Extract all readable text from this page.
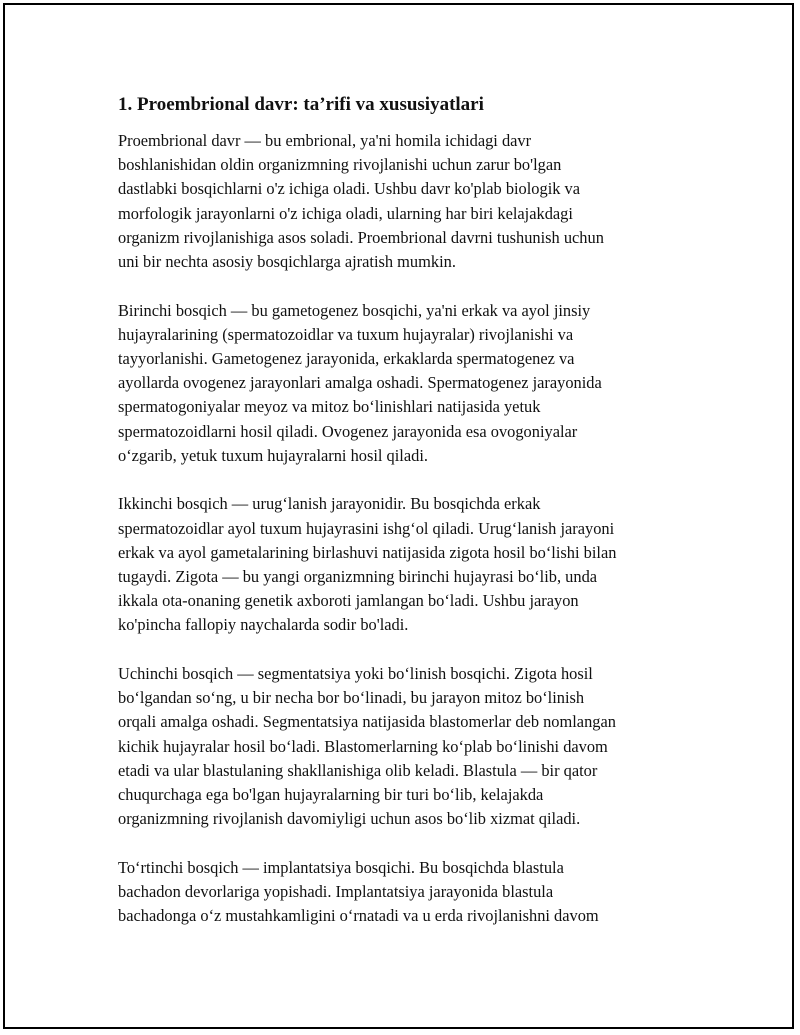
1. Proembrional davr: ta’rifi va xususiyatlari
Proembrional davr — bu embrional, ya'ni homila ichidagi davr
boshlanishidan oldin organizmning rivojlanishi uchun zarur bo'lgan
dastlabki bosqichlarni o'z ichiga oladi. Ushbu davr ko'plab biologik va
morfologik jarayonlarni o'z ichiga oladi, ularning har biri kelajakdagi
organizm rivojlanishiga asos soladi. Proembrional davrni tushunish uchun
uni bir nechta asosiy bosqichlarga ajratish mumkin.
Birinchi bosqich — bu gametogenez bosqichi, ya'ni erkak va ayol jinsiy
hujayralarining (spermatozoidlar va tuxum hujayralar) rivojlanishi va
tayyorlanishi. Gametogenez jarayonida, erkaklarda spermatogenez va
ayollarda ovogenez jarayonlari amalga oshadi. Spermatogenez jarayonida
spermatogoniyalar meyoz va mitoz bo‘linishlari natijasida yetuk
spermatozoidlarni hosil qiladi. Ovogenez jarayonida esa ovogoniyalar
o‘zgarib, yetuk tuxum hujayralarni hosil qiladi.
Ikkinchi bosqich — urug‘lanish jarayonidir. Bu bosqichda erkak
spermatozoidlar ayol tuxum hujayrasini ishg‘ol qiladi. Urug‘lanish jarayoni
erkak va ayol gametalarining birlashuvi natijasida zigota hosil bo‘lishi bilan
tugaydi. Zigota — bu yangi organizmning birinchi hujayrasi bo‘lib, unda
ikkala ota-onaning genetik axboroti jamlangan bo‘ladi. Ushbu jarayon
ko'pincha fallopiy naychalarda sodir bo'ladi.
Uchinchi bosqich — segmentatsiya yoki bo‘linish bosqichi. Zigota hosil
bo‘lgandan so‘ng, u bir necha bor bo‘linadi, bu jarayon mitoz bo‘linish
orqali amalga oshadi. Segmentatsiya natijasida blastomerlar deb nomlangan
kichik hujayralar hosil bo‘ladi. Blastomerlarning ko‘plab bo‘linishi davom
etadi va ular blastulaning shakllanishiga olib keladi. Blastula — bir qator
chuqurchaga ega bo'lgan hujayralarning bir turi bo‘lib, kelajakda
organizmning rivojlanish davomiyligi uchun asos bo‘lib xizmat qiladi.
To‘rtinchi bosqich — implantatsiya bosqichi. Bu bosqichda blastula
bachadon devorlariga yopishadi. Implantatsiya jarayonida blastula
bachadonga o‘z mustahkamligini o‘rnatadi va u erda rivojlanishni davom
